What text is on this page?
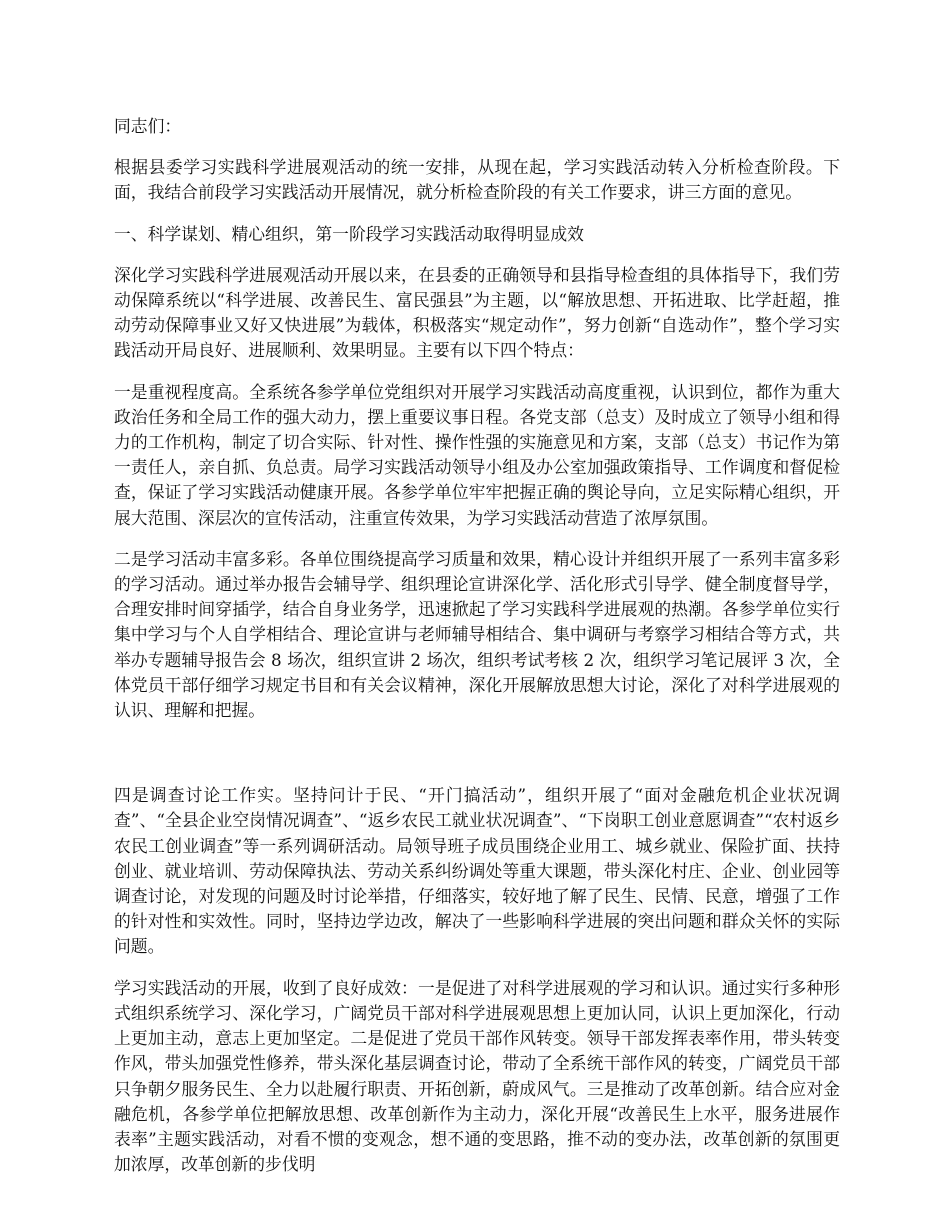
同志们：

根据县委学习实践科学进展观活动的统一安排，从现在起，学习实践活动转入分析检查阶段。下面，我结合前段学习实践活动开展情况，就分析检查阶段的有关工作要求，讲三方面的意见。

一、科学谋划、精心组织，第一阶段学习实践活动取得明显成效

深化学习实践科学进展观活动开展以来，在县委的正确领导和县指导检查组的具体指导下，我们劳动保障系统以“科学进展、改善民生、富民强县”为主题，以“解放思想、开拓进取、比学赶超，推动劳动保障事业又好又快进展”为载体，积极落实“规定动作”，努力创新“自选动作”，整个学习实践活动开局良好、进展顺利、效果明显。主要有以下四个特点：

一是重视程度高。全系统各参学单位党组织对开展学习实践活动高度重视，认识到位，都作为重大政治任务和全局工作的强大动力，摆上重要议事日程。各党支部（总支）及时成立了领导小组和得力的工作机构，制定了切合实际、针对性、操作性强的实施意见和方案，支部（总支）书记作为第一责任人，亲自抓、负总责。局学习实践活动领导小组及办公室加强政策指导、工作调度和督促检查，保证了学习实践活动健康开展。各参学单位牢牢把握正确的舆论导向，立足实际精心组织，开展大范围、深层次的宣传活动，注重宣传效果，为学习实践活动营造了浓厚氛围。

二是学习活动丰富多彩。各单位围绕提高学习质量和效果，精心设计并组织开展了一系列丰富多彩的学习活动。通过举办报告会辅导学、组织理论宣讲深化学、活化形式引导学、健全制度督导学，合理安排时间穿插学，结合自身业务学，迅速掀起了学习实践科学进展观的热潮。各参学单位实行集中学习与个人自学相结合、理论宣讲与老师辅导相结合、集中调研与考察学习相结合等方式，共举办专题辅导报告会 8 场次，组织宣讲 2 场次，组织考试考核 2 次，组织学习笔记展评 3 次，全体党员干部仔细学习规定书目和有关会议精神，深化开展解放思想大讨论，深化了对科学进展观的认识、理解和把握。

四是调查讨论工作实。坚持问计于民、“开门搞活动”，组织开展了“面对金融危机企业状况调查”、“全县企业空岗情况调查”、“返乡农民工就业状况调查”、“下岗职工创业意愿调查”“农村返乡农民工创业调查”等一系列调研活动。局领导班子成员围绕企业用工、城乡就业、保险扩面、扶持创业、就业培训、劳动保障执法、劳动关系纠纷调处等重大课题，带头深化村庄、企业、创业园等调查讨论，对发现的问题及时讨论举措，仔细落实，较好地了解了民生、民情、民意，增强了工作的针对性和实效性。同时，坚持边学边改，解决了一些影响科学进展的突出问题和群众关怀的实际问题。

学习实践活动的开展，收到了良好成效：一是促进了对科学进展观的学习和认识。通过实行多种形式组织系统学习、深化学习，广阔党员干部对科学进展观思想上更加认同，认识上更加深化，行动上更加主动，意志上更加坚定。二是促进了党员干部作风转变。领导干部发挥表率作用，带头转变作风，带头加强党性修养，带头深化基层调查讨论，带动了全系统干部作风的转变，广阔党员干部只争朝夕服务民生、全力以赴履行职责、开拓创新，蔚成风气。三是推动了改革创新。结合应对金融危机，各参学单位把解放思想、改革创新作为主动力，深化开展“改善民生上水平，服务进展作表率”主题实践活动，对看不惯的变观念，想不通的变思路，推不动的变办法，改革创新的氛围更加浓厚，改革创新的步伐明
